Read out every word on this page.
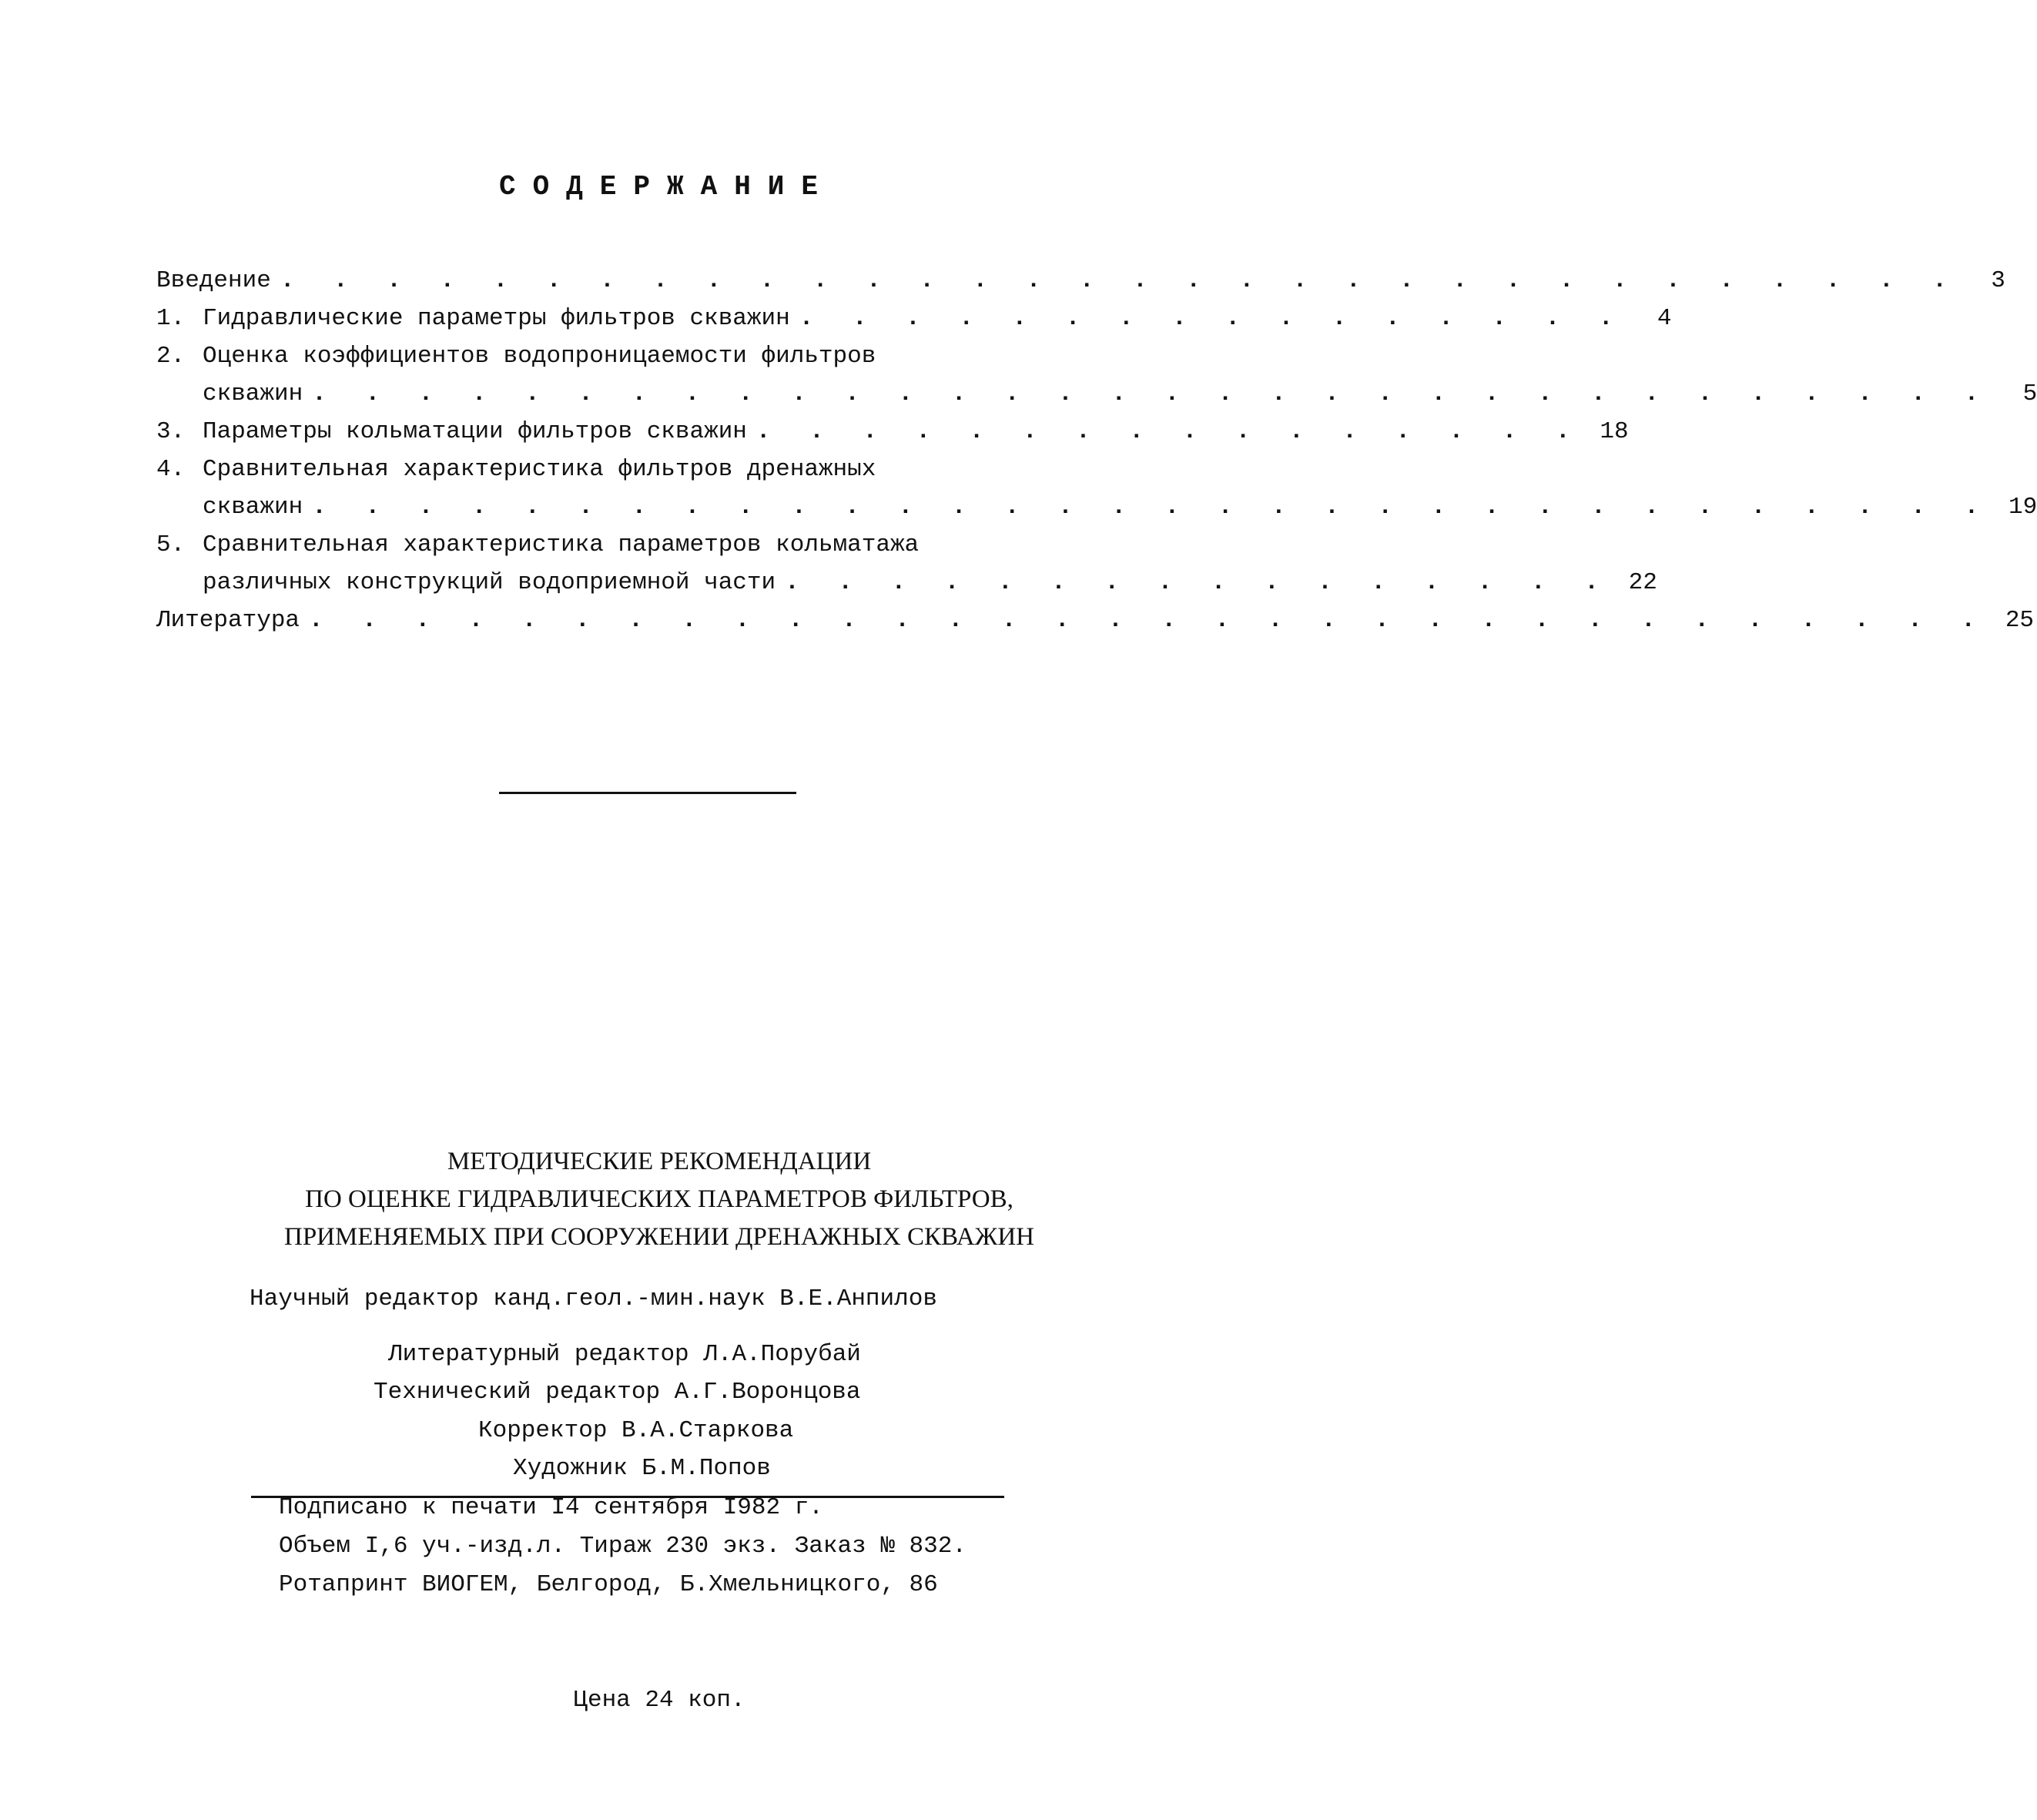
СОДЕРЖАНИЕ
Введение . . . . . . . . . . . . . . . . . . . . . . . . . . . . . . . .	3
1. Гидравлические параметры фильтров скважин . . . . . . . . . . . . . . . .	4
2. Оценка коэффициентов водопроницаемости фильтров
скважин . . . . . . . . . . . . . . . . . . . . . . . . . . . . . . . .	5
3. Параметры кольматации фильтров скважин . . . . . . . . . . . . . . . . 18
4. Сравнительная характеристика фильтров дренажных
скважин . . . . . . . . . . . . . . . . . . . . . . . . . . . . . . . . 19
5. Сравнительная характеристика параметров кольматажа
различных конструкций водоприемной части . . . . . . . . . . . . . . . . 22
Литература . . . . . . . . . . . . . . . . . . . . . . . . . . . . . . . . 25
МЕТОДИЧЕСКИЕ РЕКОМЕНДАЦИИ
ПО ОЦЕНКЕ ГИДРАВЛИЧЕСКИХ ПАРАМЕТРОВ ФИЛЬТРОВ,
ПРИМЕНЯЕМЫХ ПРИ СООРУЖЕНИИ ДРЕНАЖНЫХ СКВАЖИН
Научный редактор канд.геол.-мин.наук В.Е.Анпилов
Литературный редактор Л.А.Порубай
Технический редактор А.Г.Воронцова
Корректор В.А.Старкова
Художник Б.М.Попов
Подписано к печати I4 сентября I982 г.
Объем I,6 уч.-изд.л. Тираж 230 экз. Заказ № 832.
Ротапринт ВИОГЕМ, Белгород, Б.Хмельницкого, 86
Цена 24 коп.
